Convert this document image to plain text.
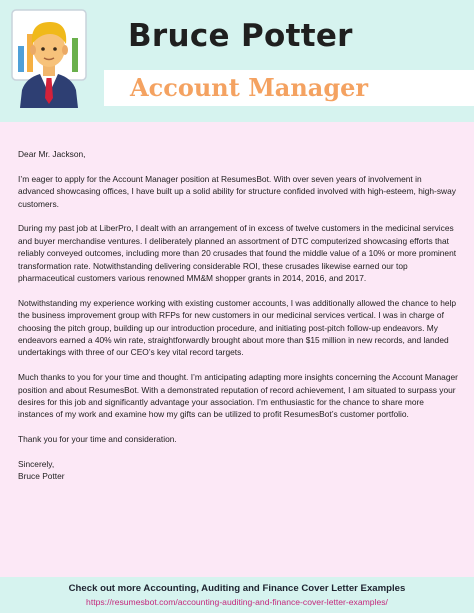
Bruce Potter
Account Manager

Dear Mr. Jackson,

I’m eager to apply for the Account Manager position at ResumesBot. With over seven years of involvement in advanced showcasing offices, I have built up a solid ability for structure confided involved with high-esteem, high-sway customers.

During my past job at LiberPro, I dealt with an arrangement of in excess of twelve customers in the medicinal services and buyer merchandise ventures. I deliberately planned an assortment of DTC computerized showcasing efforts that reliably conveyed outcomes, including more than 20 crusades that found the middle value of a 10% or more prominent transformation rate. Notwithstanding delivering considerable ROI, these crusades likewise earned our top pharmaceutical customers various renowned MM&M shopper grants in 2014, 2016, and 2017.

Notwithstanding my experience working with existing customer accounts, I was additionally allowed the chance to help the business improvement group with RFPs for new customers in our medicinal services vertical. I was in charge of choosing the pitch group, building up our introduction procedure, and initiating post-pitch follow-up endeavors. My endeavors earned a 40% win rate, straightforwardly brought about more than $15 million in new records, and landed undertakings with three of our CEO’s key vital record targets.

Much thanks to you for your time and thought. I’m anticipating adapting more insights concerning the Account Manager position and about ResumesBot. With a demonstrated reputation of record achievement, I am situated to surpass your desires for this job and significantly advantage your association. I’m enthusiastic for the chance to share more instances of my work and examine how my gifts can be utilized to profit ResumesBot’s customer portfolio.

Thank you for your time and consideration.

Sincerely,

Bruce Potter

Check out more Accounting, Auditing and Finance Cover Letter Examples
https://resumesbot.com/accounting-auditing-and-finance-cover-letter-examples/
